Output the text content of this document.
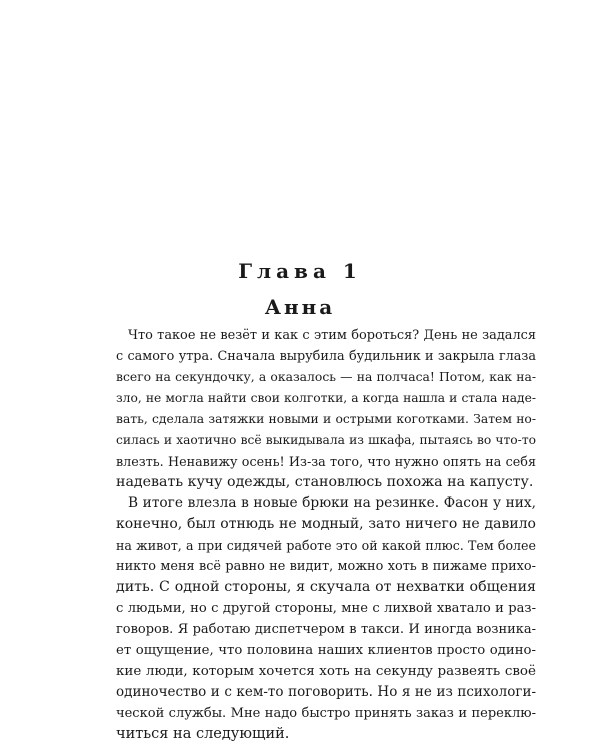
Глава 1
Анна
Что такое не везёт и как с этим бороться? День не задался
с самого утра. Сначала вырубила будильник и закрыла глаза
всего на секундочку, а оказалось — на полчаса! Потом, как на-
зло, не могла найти свои колготки, а когда нашла и стала наде-
вать, сделала затяжки новыми и острыми коготками. Затем но-
силась и хаотично всё выкидывала из шкафа, пытаясь во что-то
влезть. Ненавижу осень! Из-за того, что нужно опять на себя
надевать кучу одежды, становлюсь похожа на капусту.
В итоге влезла в новые брюки на резинке. Фасон у них,
конечно, был отнюдь не модный, зато ничего не давило
на живот, а при сидячей работе это ой какой плюс. Тем более
никто меня всё равно не видит, можно хоть в пижаме прихо-
дить. С одной стороны, я скучала от нехватки общения
с людьми, но с другой стороны, мне с лихвой хватало и раз-
говоров. Я работаю диспетчером в такси. И иногда возника-
ет ощущение, что половина наших клиентов просто одино-
кие люди, которым хочется хоть на секунду развеять своё
одиночество и с кем-то поговорить. Но я не из психологи-
ческой службы. Мне надо быстро принять заказ и переклю-
читься на следующий.
